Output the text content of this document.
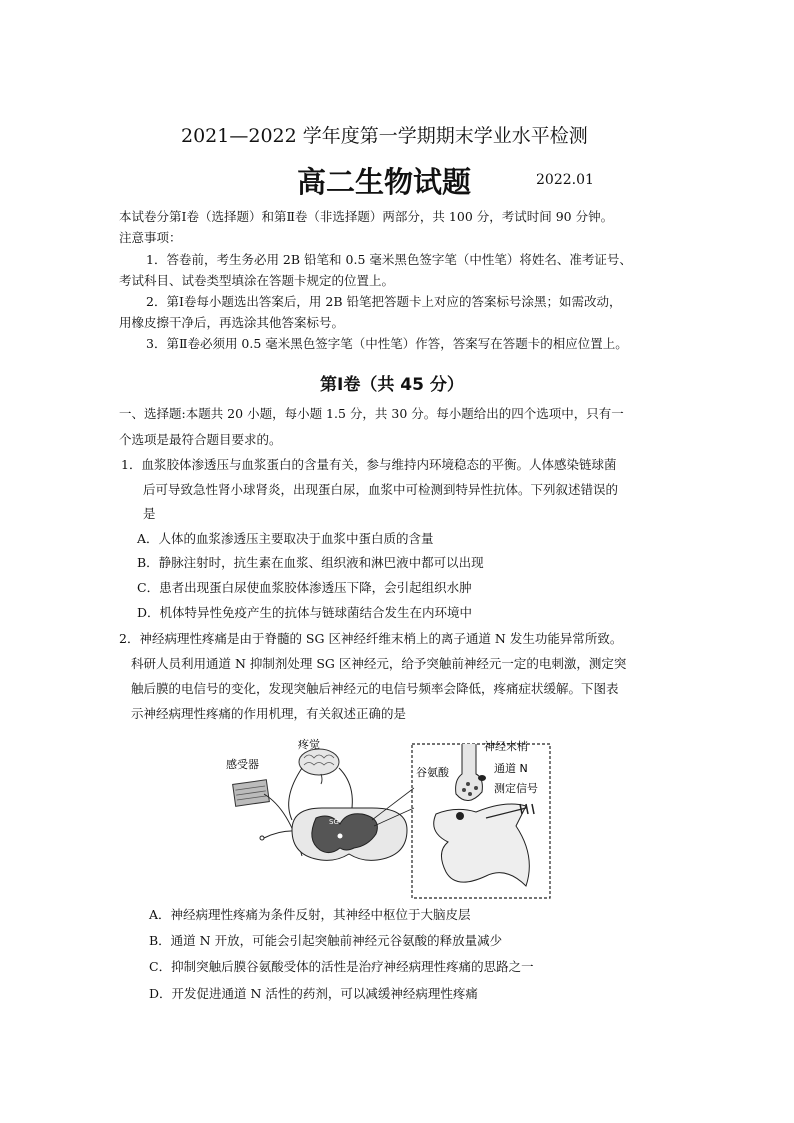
2021—2022 学年度第一学期期末学业水平检测
高二生物试题	2022.01
本试卷分第Ⅰ卷（选择题）和第Ⅱ卷（非选择题）两部分，共 100 分，考试时间 90 分钟。
注意事项：
1．答卷前，考生务必用 2B 铅笔和 0.5 毫米黑色签字笔（中性笔）将姓名、准考证号、
考试科目、试卷类型填涂在答题卡规定的位置上。
2．第Ⅰ卷每小题选出答案后，用 2B 铅笔把答题卡上对应的答案标号涂黑；如需改动，
用橡皮擦干净后，再选涂其他答案标号。
3．第Ⅱ卷必须用 0.5 毫米黑色签字笔（中性笔）作答，答案写在答题卡的相应位置上。
第Ⅰ卷（共 45 分）
一、选择题:本题共 20 小题，每小题 1.5 分，共 30 分。每小题给出的四个选项中，只有一
个选项是最符合题目要求的。
1．血浆胶体渗透压与血浆蛋白的含量有关，参与维持内环境稳态的平衡。人体感染链球菌
后可导致急性肾小球肾炎，出现蛋白尿，血浆中可检测到特异性抗体。下列叙述错误的
是
A．人体的血浆渗透压主要取决于血浆中蛋白质的含量
B．静脉注射时，抗生素在血浆、组织液和淋巴液中都可以出现
C．患者出现蛋白尿使血浆胶体渗透压下降，会引起组织水肿
D．机体特异性免疫产生的抗体与链球菌结合发生在内环境中
2．神经病理性疼痛是由于脊髓的 SG 区神经纤维末梢上的离子通道 N 发生功能异常所致。
科研人员利用通道 N 抑制剂处理 SG 区神经元，给予突触前神经元一定的电刺激，测定突
触后膜的电信号的变化，发现突触后神经元的电信号频率会降低，疼痛症状缓解。下图表
示神经病理性疼痛的作用机理，有关叙述正确的是
SG
疼觉
感受器
神经末梢
谷氨酸	通道 N
测定信号
A．神经病理性疼痛为条件反射，其神经中枢位于大脑皮层
B．通道 N 开放，可能会引起突触前神经元谷氨酸的释放量减少
C．抑制突触后膜谷氨酸受体的活性是治疗神经病理性疼痛的思路之一
D．开发促进通道 N 活性的药剂，可以减缓神经病理性疼痛
